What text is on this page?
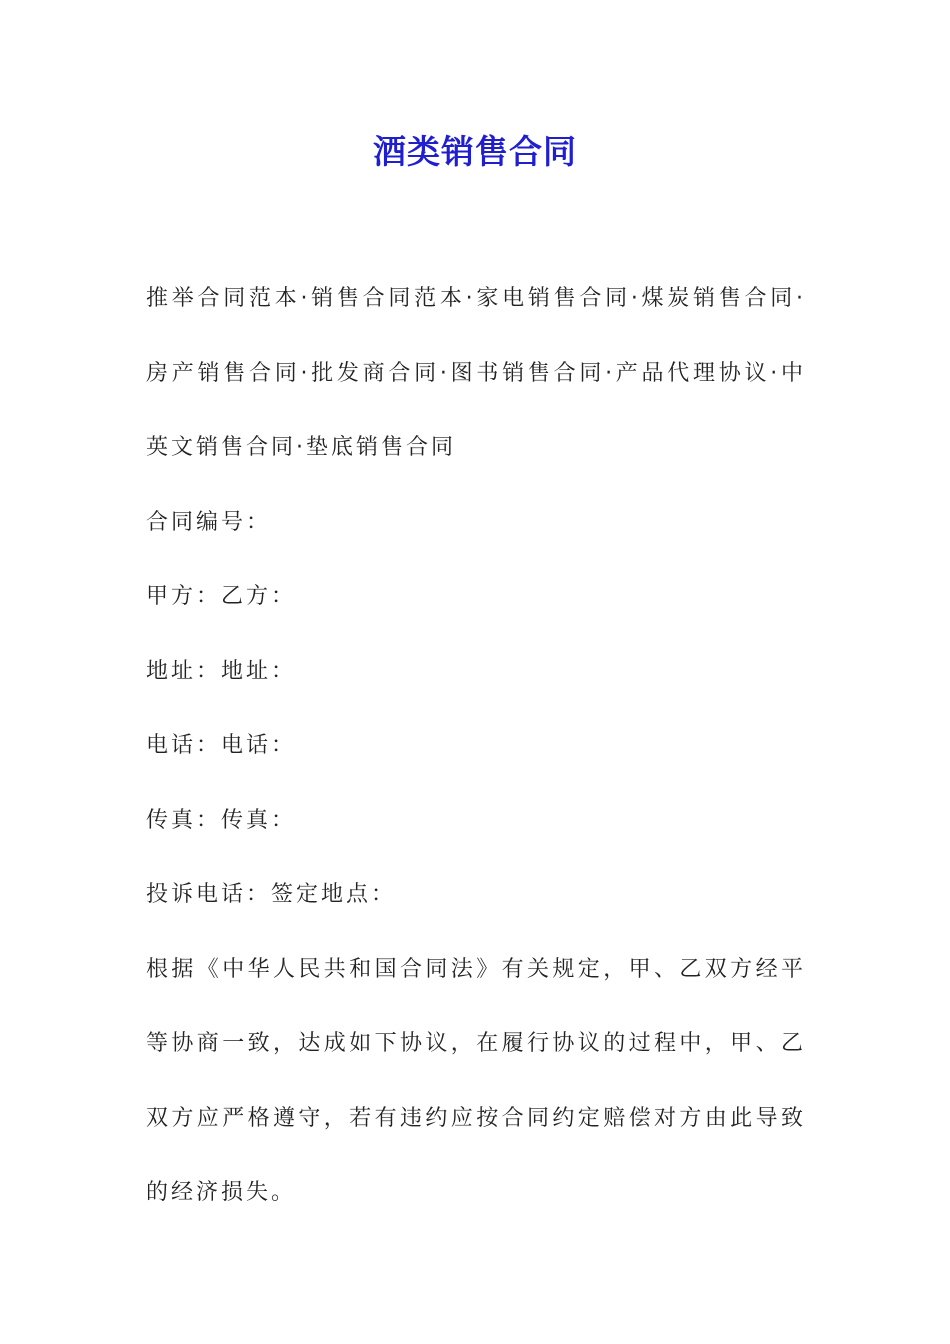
酒类销售合同

推举合同范本·销售合同范本·家电销售合同·煤炭销售合同·房产销售合同·批发商合同·图书销售合同·产品代理协议·中英文销售合同·垫底销售合同

合同编号：

甲方：乙方：

地址：地址：

电话：电话：

传真：传真：

投诉电话：签定地点：

根据《中华人民共和国合同法》有关规定，甲、乙双方经平等协商一致，达成如下协议，在履行协议的过程中，甲、乙双方应严格遵守，若有违约应按合同约定赔偿对方由此导致的经济损失。
